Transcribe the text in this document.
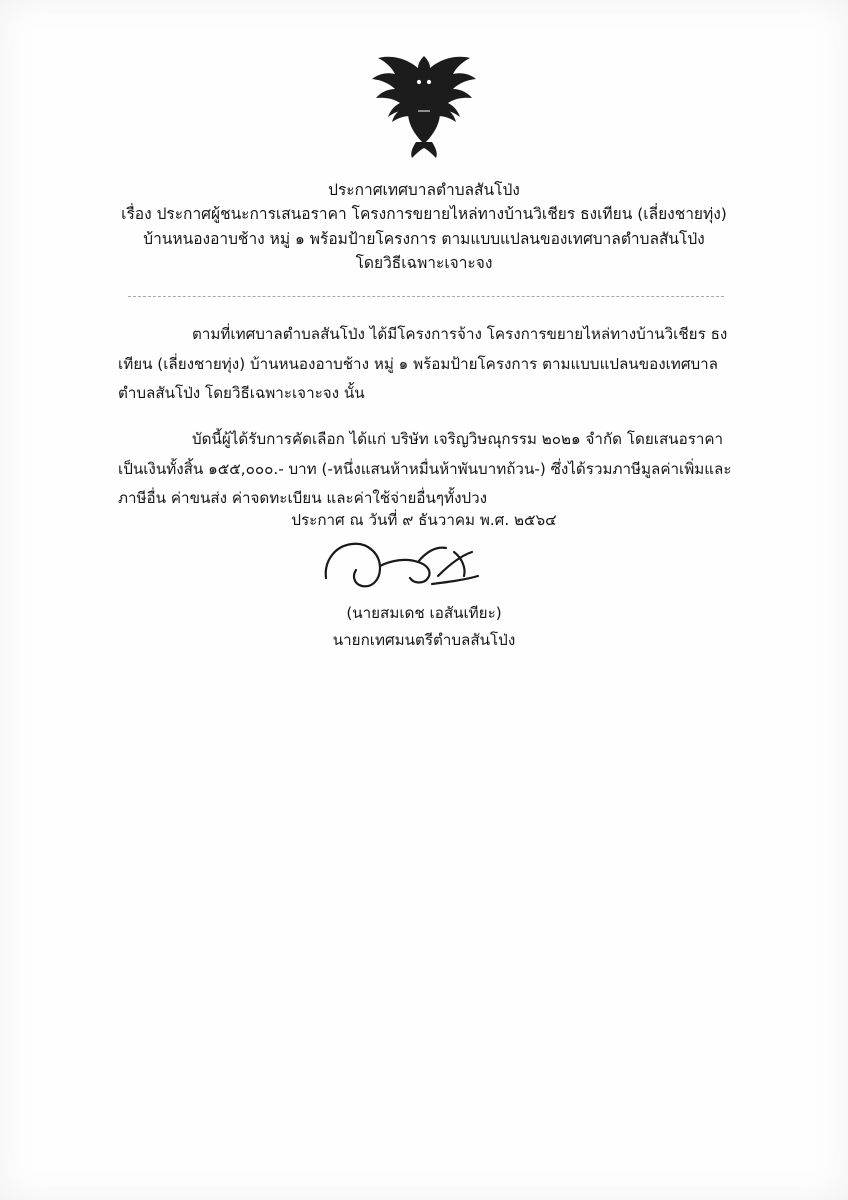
ประกาศเทศบาลตำบลสันโป่ง
เรื่อง ประกาศผู้ชนะการเสนอราคา โครงการขยายไหล่ทางบ้านวิเชียร ธงเทียน (เลี่ยงชายทุ่ง)
บ้านหนองอาบช้าง หมู่ ๑ พร้อมป้ายโครงการ ตามแบบแปลนของเทศบาลตำบลสันโป่ง
โดยวิธีเฉพาะเจาะจง

ตามที่เทศบาลตำบลสันโป่ง ได้มีโครงการจ้าง โครงการขยายไหล่ทางบ้านวิเชียร ธงเทียน (เลี่ยงชายทุ่ง) บ้านหนองอาบช้าง หมู่ ๑ พร้อมป้ายโครงการ ตามแบบแปลนของเทศบาลตำบลสันโป่ง โดยวิธีเฉพาะเจาะจง นั้น

บัดนี้ผู้ได้รับการคัดเลือก ได้แก่ บริษัท เจริญวิษณุกรรม ๒๐๒๑ จำกัด โดยเสนอราคา เป็นเงินทั้งสิ้น ๑๕๕,๐๐๐.- บาท (-หนึ่งแสนห้าหมื่นห้าพันบาทถ้วน-) ซึ่งได้รวมภาษีมูลค่าเพิ่มและภาษีอื่น ค่าขนส่ง ค่าจดทะเบียน และค่าใช้จ่ายอื่นๆทั้งปวง

ประกาศ ณ วันที่ ๙ ธันวาคม พ.ศ. ๒๕๖๔
(นายสมเดช เอสันเทียะ)
นายกเทศมนตรีตำบลสันโป่ง
